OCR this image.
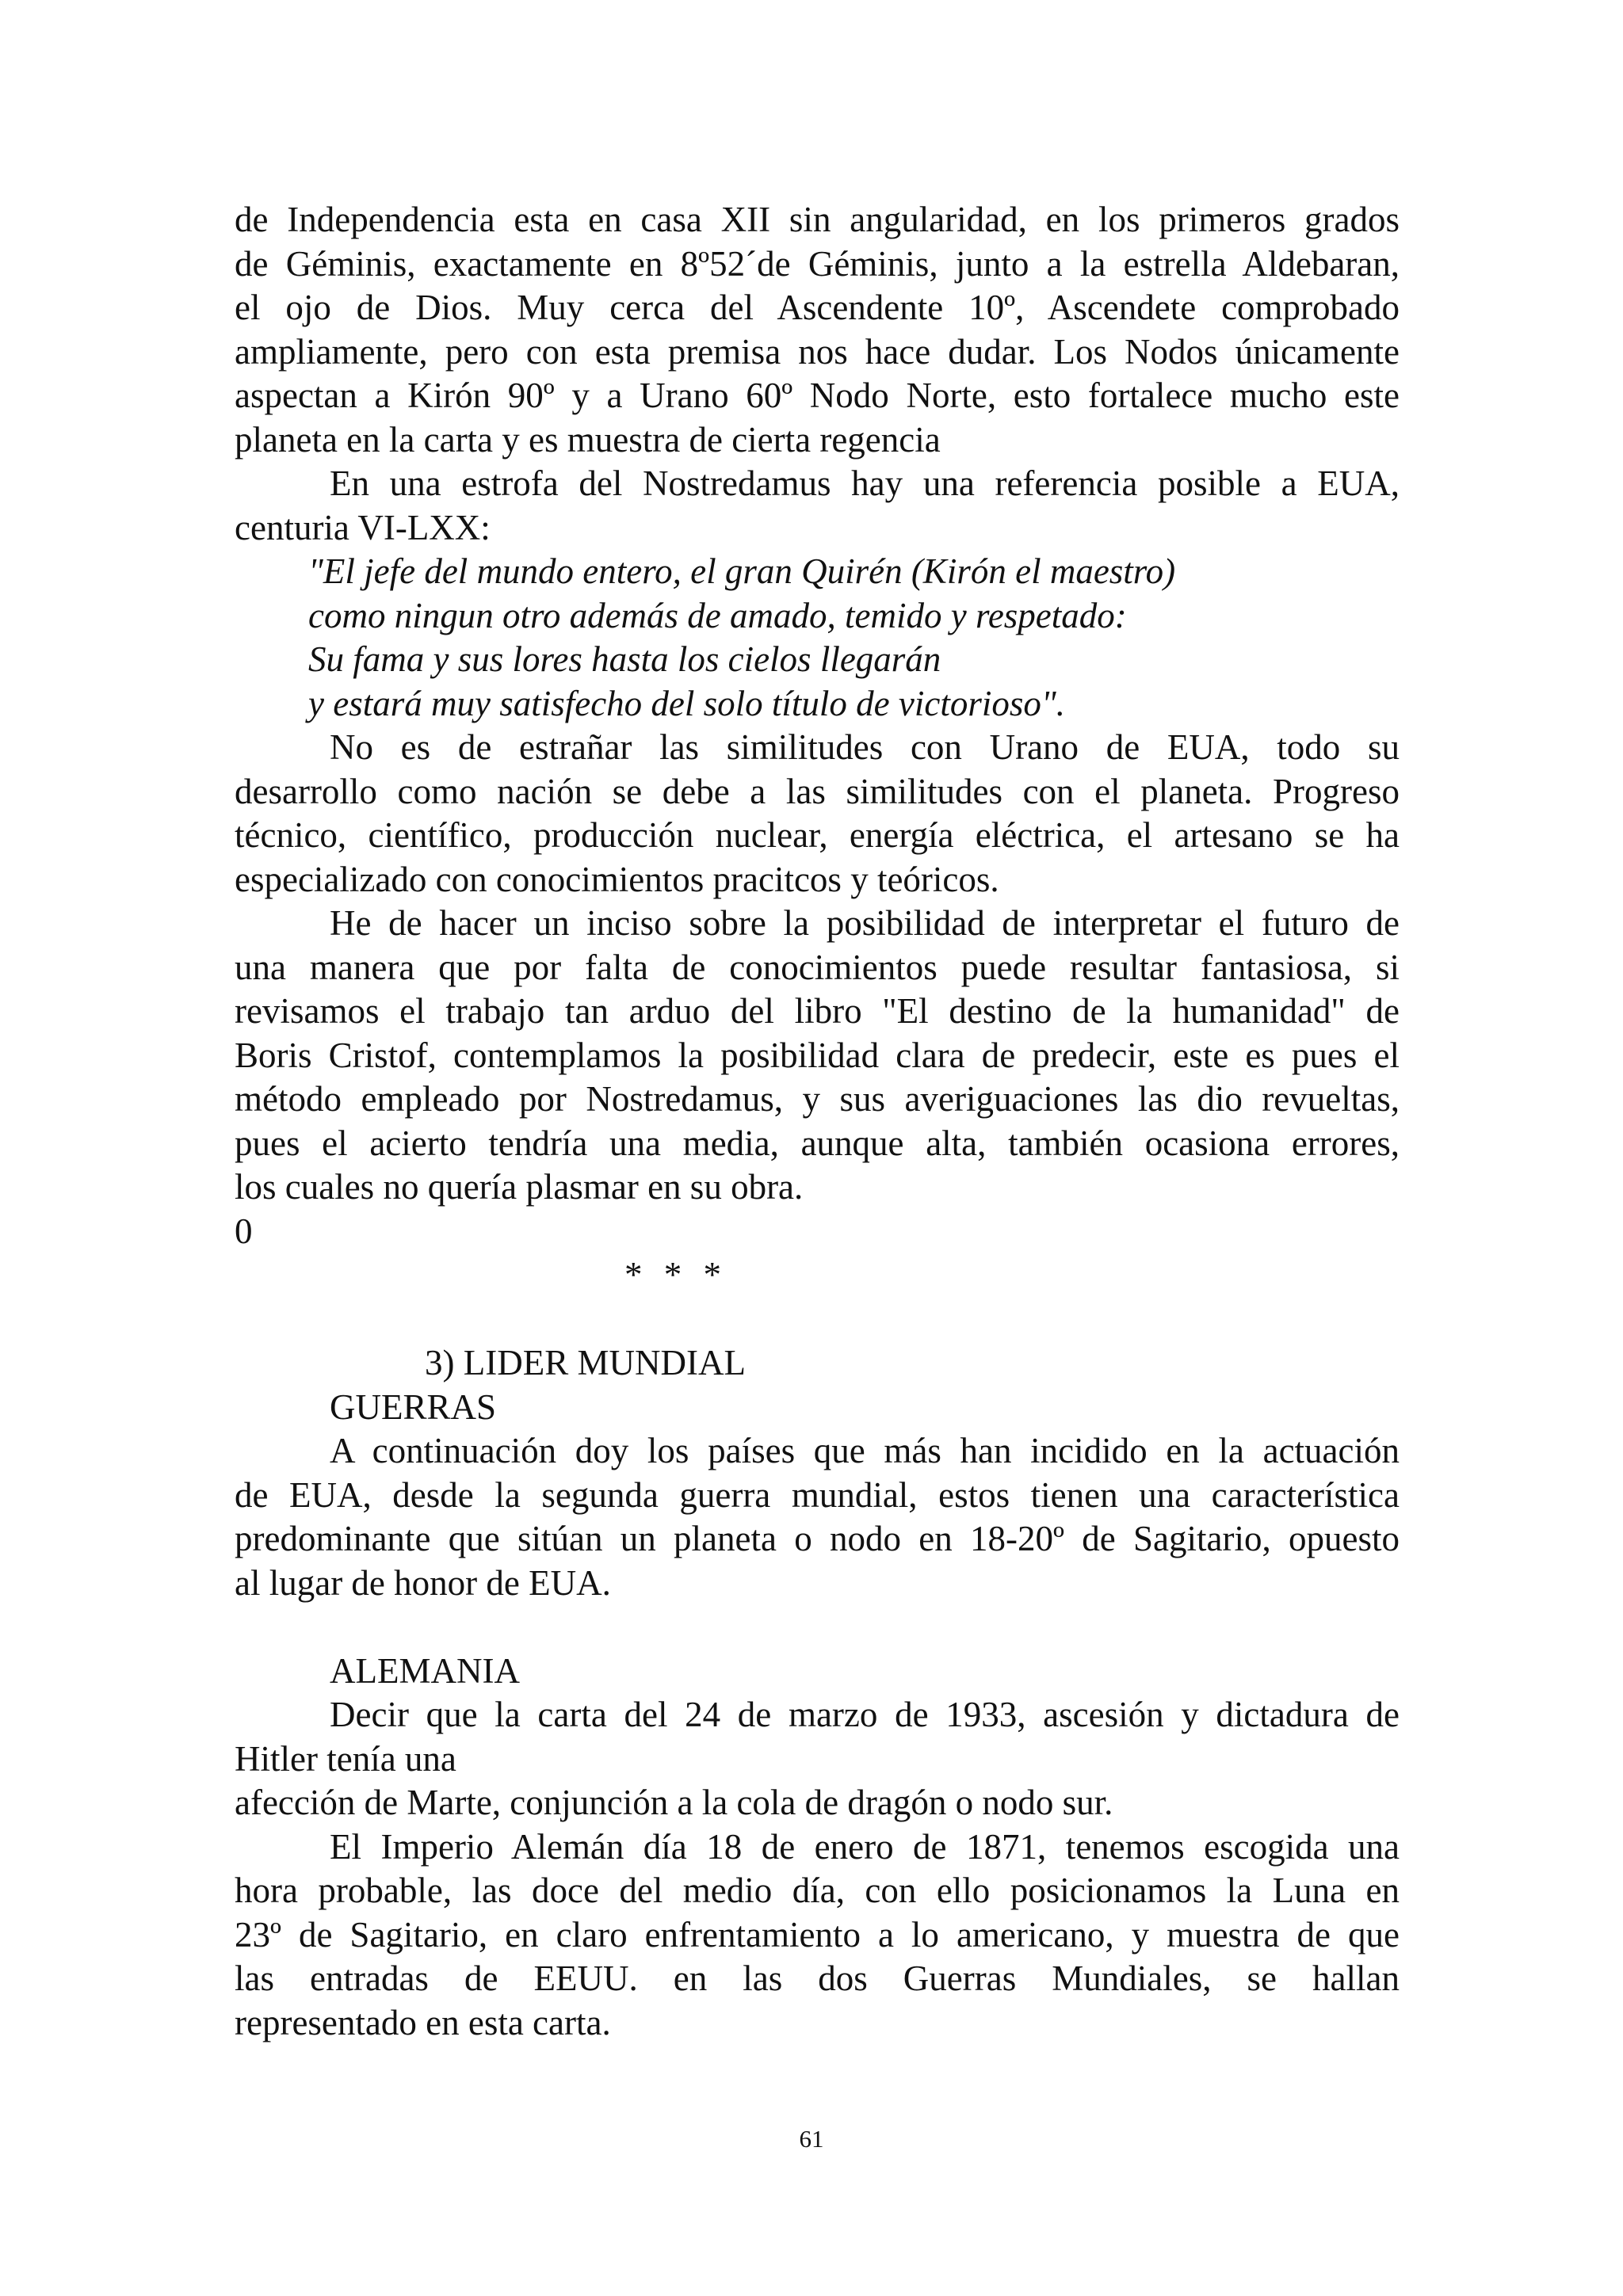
de Independencia esta en casa XII sin angularidad, en los primeros grados
de Géminis, exactamente en 8º52´de Géminis, junto a la estrella Aldebaran,
el ojo de Dios. Muy cerca del Ascendente 10º, Ascendete comprobado
ampliamente, pero con esta premisa nos hace dudar. Los Nodos únicamente
aspectan a Kirón 90º y a Urano 60º Nodo Norte, esto fortalece mucho este
planeta en la carta y es muestra de cierta regencia
En una estrofa del Nostredamus hay una referencia posible a EUA,
centuria VI-LXX:
"El jefe del mundo entero, el gran Quirén (Kirón el maestro)
como ningun otro además de amado, temido y respetado:
Su fama y sus lores hasta los cielos llegarán
y estará muy satisfecho del solo título de victorioso".
No es de estrañar las similitudes con Urano de EUA, todo su
desarrollo como nación se debe a las similitudes con el planeta. Progreso
técnico, científico, producción nuclear, energía eléctrica, el artesano se ha
especializado con conocimientos pracitcos y teóricos.
He de hacer un inciso sobre la posibilidad de interpretar el futuro de
una manera que por falta de conocimientos puede resultar fantasiosa, si
revisamos el trabajo tan arduo del libro "El destino de la humanidad" de
Boris Cristof, contemplamos la posibilidad clara de predecir, este es pues el
método empleado por Nostredamus, y sus averiguaciones las dio revueltas,
pues el acierto tendría una media, aunque alta, también ocasiona errores,
los cuales no quería plasmar en su obra.
0
* * *
3) LIDER MUNDIAL
GUERRAS
A continuación doy los países que más han incidido en la actuación
de EUA, desde la segunda guerra mundial, estos tienen una característica
predominante que sitúan un planeta o nodo en 18-20º de Sagitario, opuesto
al lugar de honor de EUA.
ALEMANIA
Decir que la carta del 24 de marzo de 1933, ascesión y dictadura de
Hitler tenía una
afección de Marte, conjunción a la cola de dragón o nodo sur.
El Imperio Alemán día 18 de enero de 1871, tenemos escogida una
hora probable, las doce del medio día, con ello posicionamos la Luna en
23º de Sagitario, en claro enfrentamiento a lo americano, y muestra de que
las entradas de EEUU. en las dos Guerras Mundiales, se hallan
representado en esta carta.
61
